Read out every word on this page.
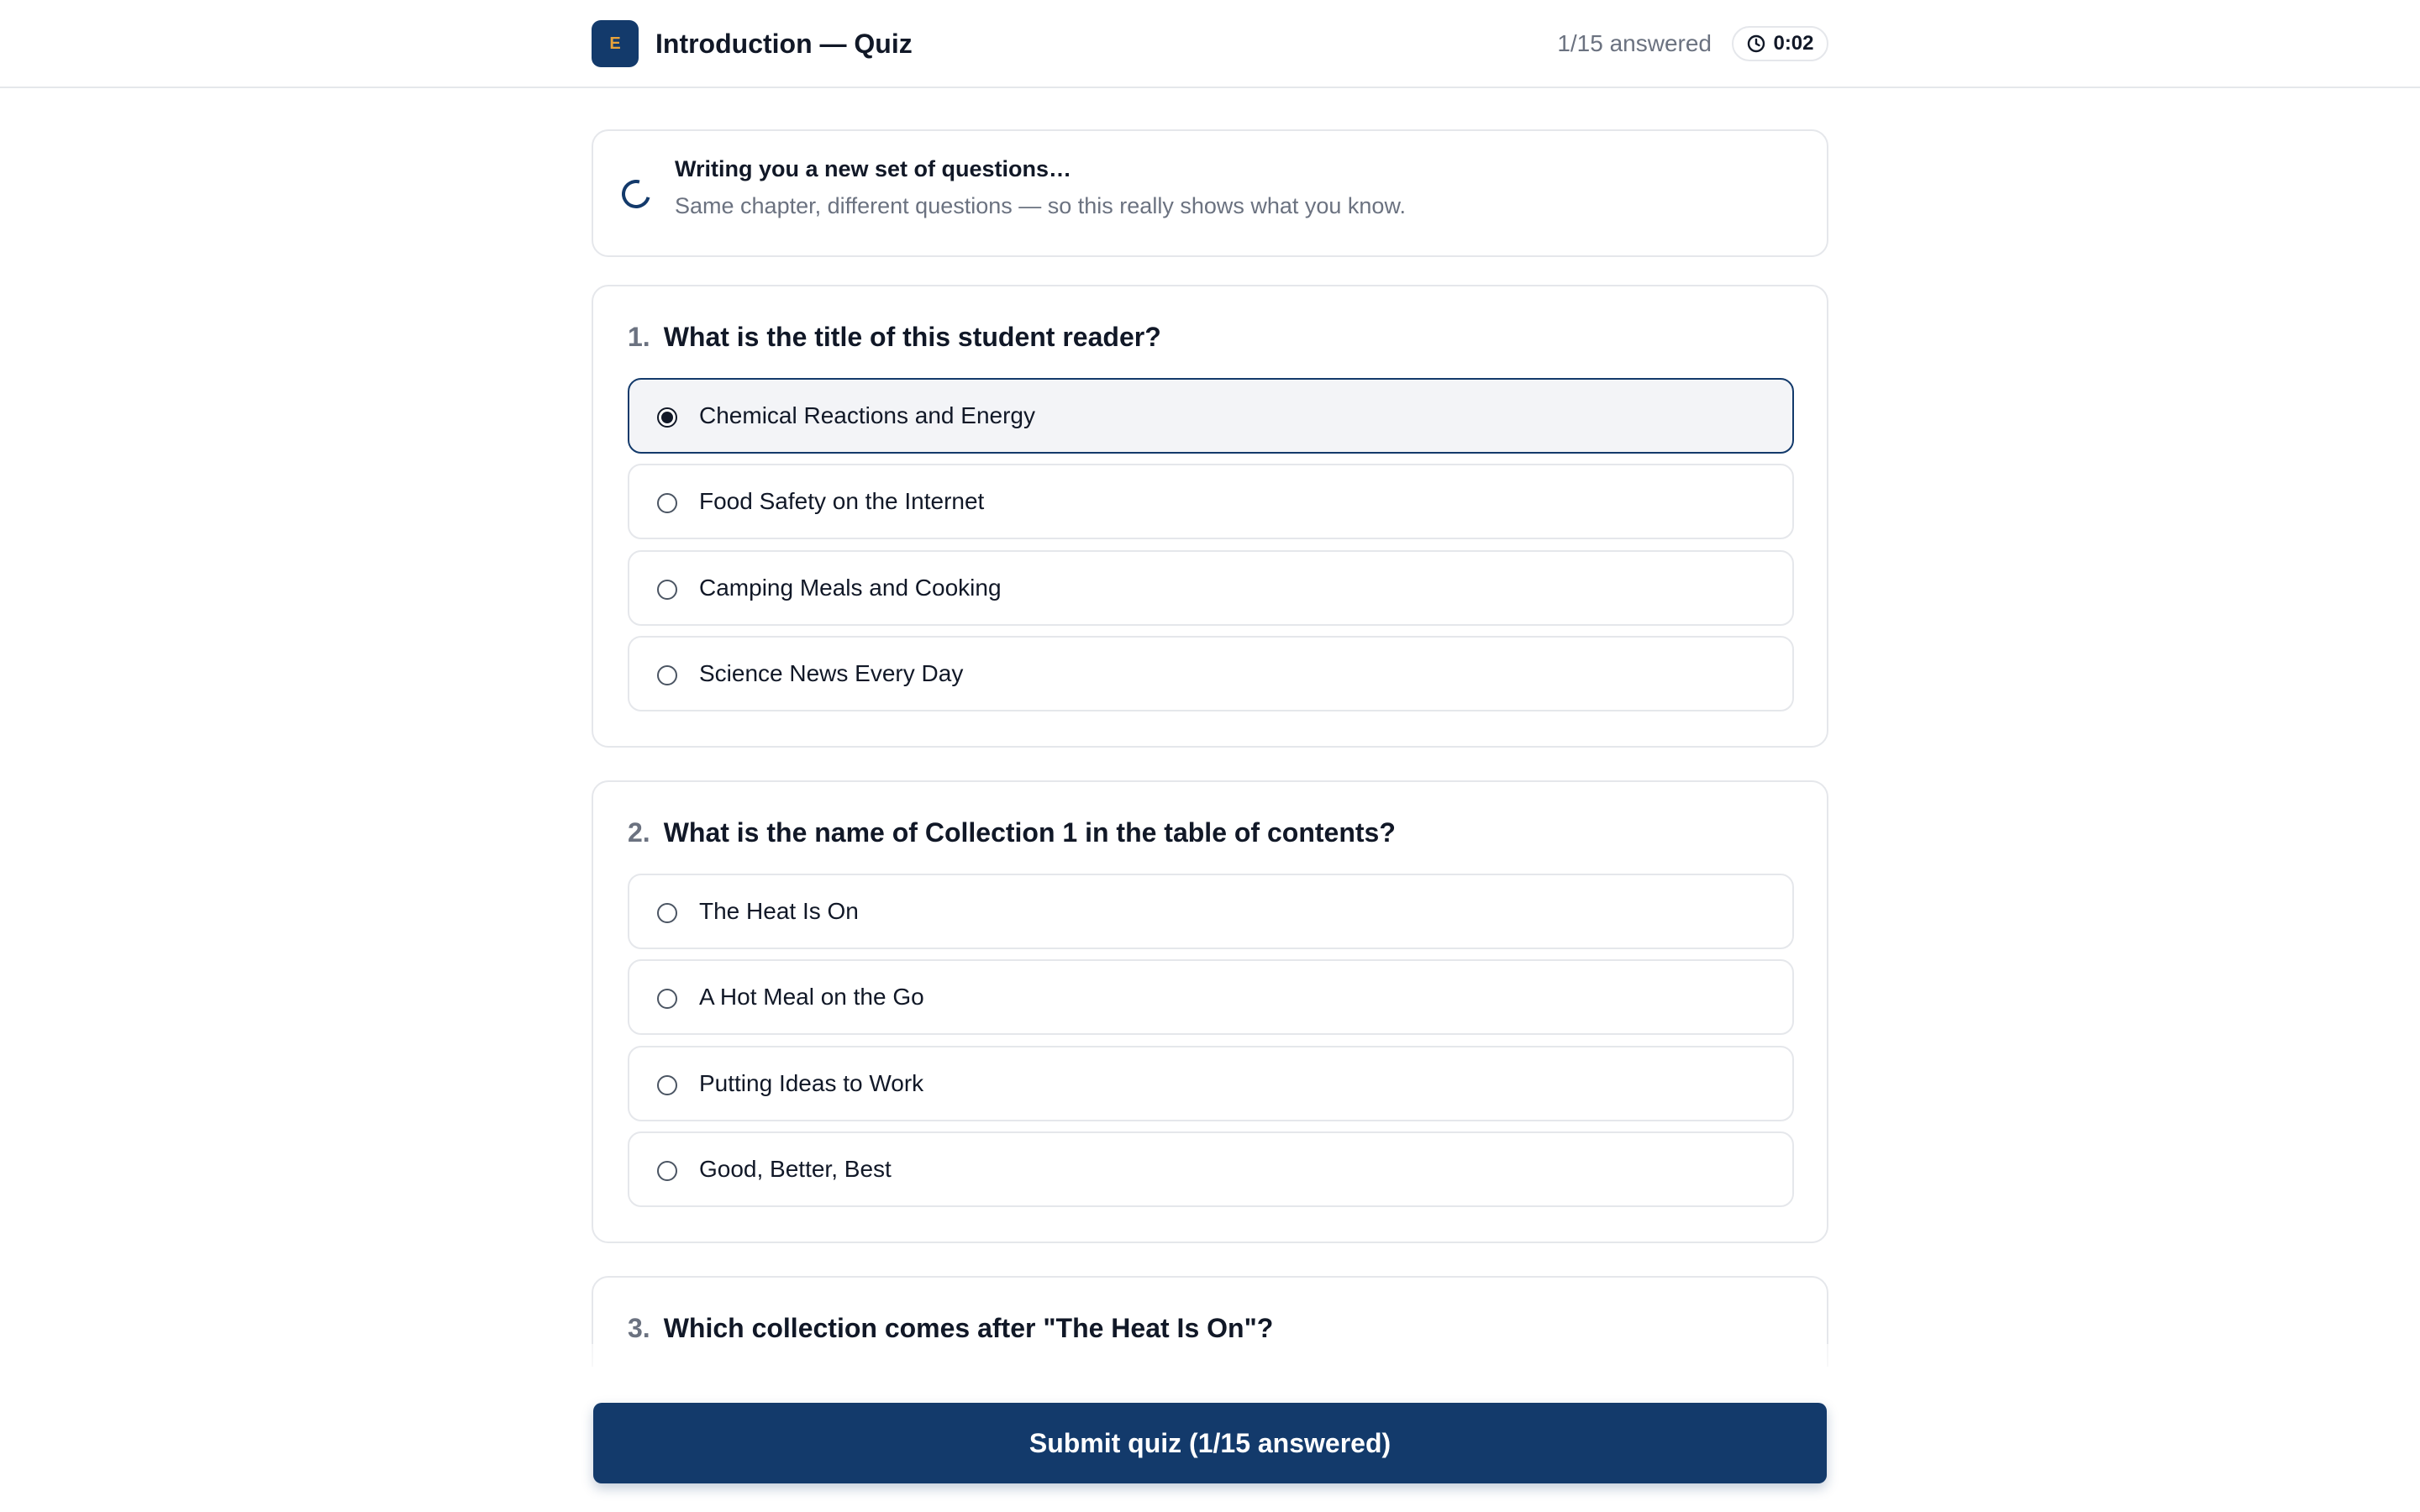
E	Introduction — Quiz	1/15 answered	0:02
Writing you a new set of questions…
Same chapter, different questions — so this really shows what you know.
1. What is the title of this student reader?
Chemical Reactions and Energy
Food Safety on the Internet
Camping Meals and Cooking
Science News Every Day
2. What is the name of Collection 1 in the table of contents?
The Heat Is On
A Hot Meal on the Go
Putting Ideas to Work
Good, Better, Best
3. Which collection comes after "The Heat Is On"?
Submit quiz (1/15 answered)
